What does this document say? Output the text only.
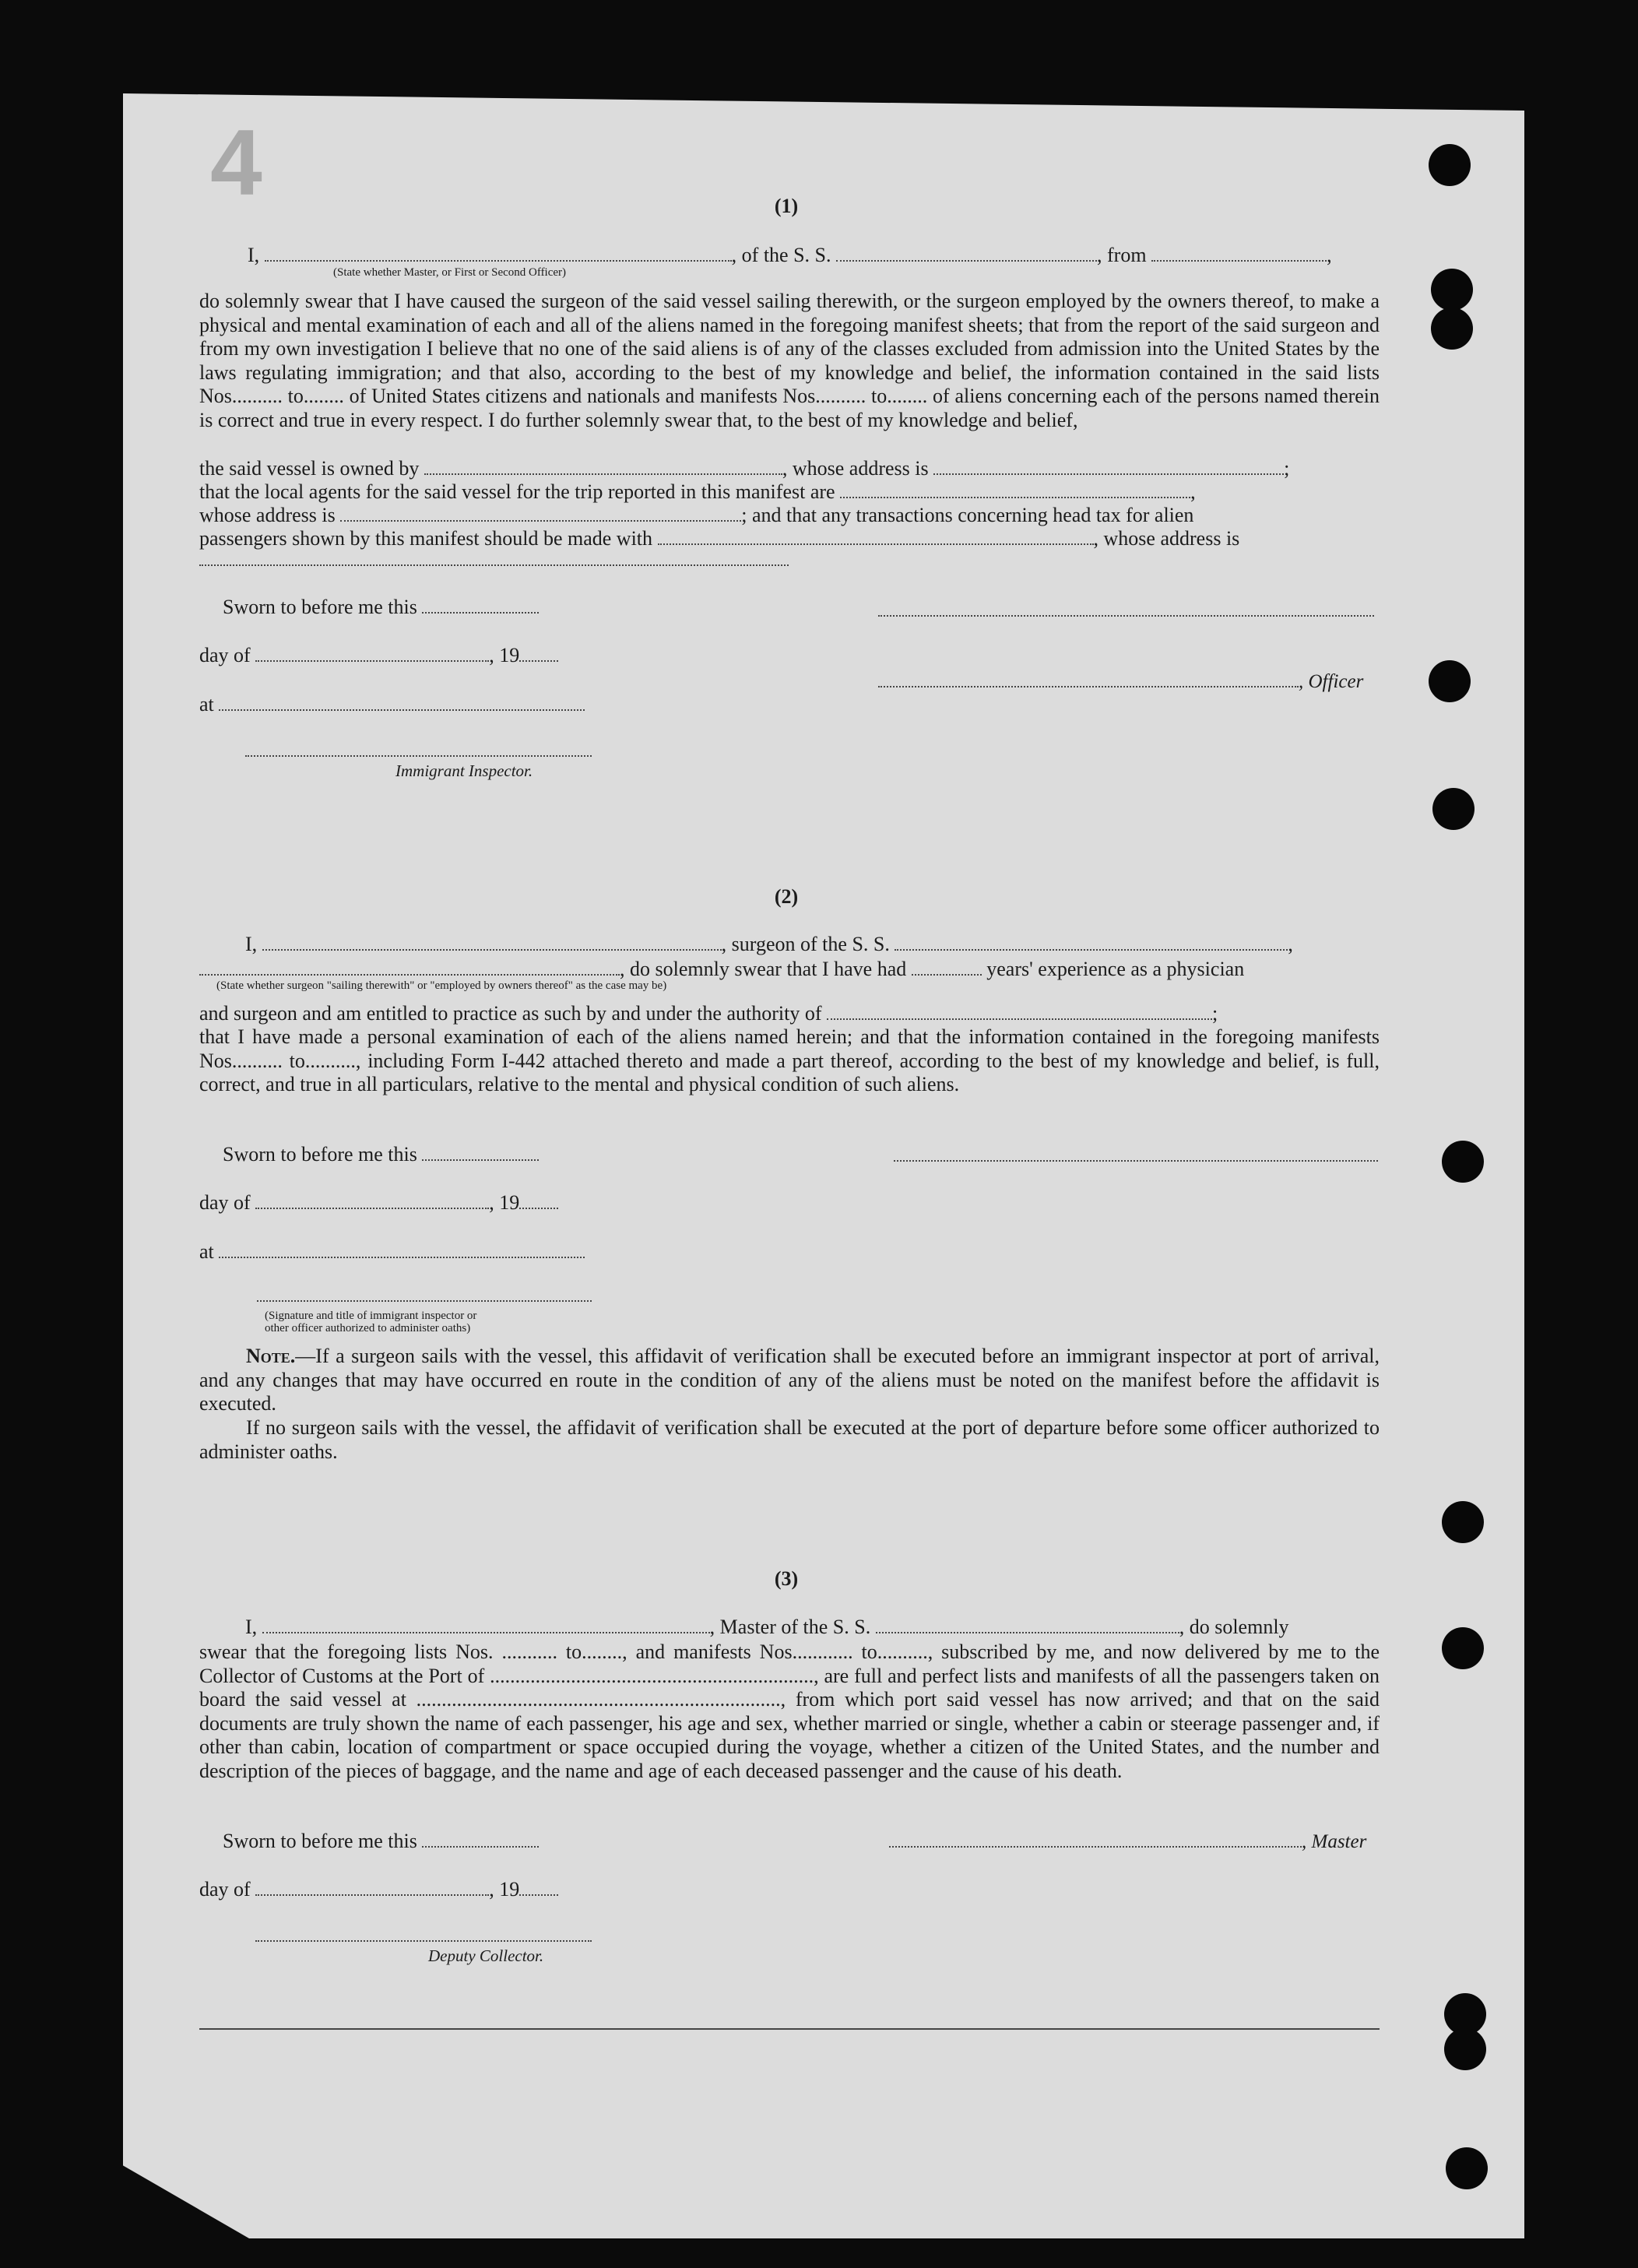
4	(1)
I,	, of the S. S.	, from	,
(State whether Master, or First or Second Officer)
do solemnly swear that I have caused the surgeon of the said vessel sailing therewith, or the surgeon employed by the owners thereof, to make a physical and mental examination of each and all of the aliens named in the foregoing manifest sheets; that from the report of the said surgeon and from my own investigation I believe that no one of the said aliens is of any of the classes excluded from admission into the United States by the laws regulating immigration; and that also, according to the best of my knowledge and belief, the information contained in the said lists Nos.......... to........ of United States citizens and nationals and manifests Nos.......... to........ of aliens concerning each of the persons named therein is correct and true in every respect. I do further solemnly swear that, to the best of my knowledge and belief,
the said vessel is owned by	, whose address is	;
that the local agents for the said vessel for the trip reported in this manifest are	,
whose address is	; and that any transactions concerning head tax for alien
passengers shown by this manifest should be made with	, whose address is
Sworn to before me this
day of	, 19
at
Immigrant Inspector.
, Officer
(2)
I,	, surgeon of the S. S.	,
, do solemnly swear that I have had	years' experience as a physician
(State whether surgeon "sailing therewith" or "employed by owners thereof" as the case may be)
and surgeon and am entitled to practice as such by and under the authority of	;
that I have made a personal examination of each of the aliens named herein; and that the information contained in the foregoing manifests Nos.......... to.........., including Form I-442 attached thereto and made a part thereof, according to the best of my knowledge and belief, is full, correct, and true in all particulars, relative to the mental and physical condition of such aliens.
Sworn to before me this
day of	, 19
at
(Signature and title of immigrant inspector or
other officer authorized to administer oaths)
Note.—If a surgeon sails with the vessel, this affidavit of verification shall be executed before an immigrant inspector at port of arrival, and any changes that may have occurred en route in the condition of any of the aliens must be noted on the manifest before the affidavit is executed.
If no surgeon sails with the vessel, the affidavit of verification shall be executed at the port of departure before some officer authorized to administer oaths.
(3)
I,	, Master of the S. S.	, do solemnly
swear that the foregoing lists Nos. ........... to........, and manifests Nos............ to.........., subscribed by me, and now delivered by me to the Collector of Customs at the Port of ................................................................, are full and perfect lists and manifests of all the passengers taken on board the said vessel at ........................................................................, from which port said vessel has now arrived; and that on the said documents are truly shown the name of each passenger, his age and sex, whether married or single, whether a cabin or steerage passenger and, if other than cabin, location of compartment or space occupied during the voyage, whether a citizen of the United States, and the number and description of the pieces of baggage, and the name and age of each deceased passenger and the cause of his death.
Sworn to before me this	, Master
day of	, 19
Deputy Collector.
